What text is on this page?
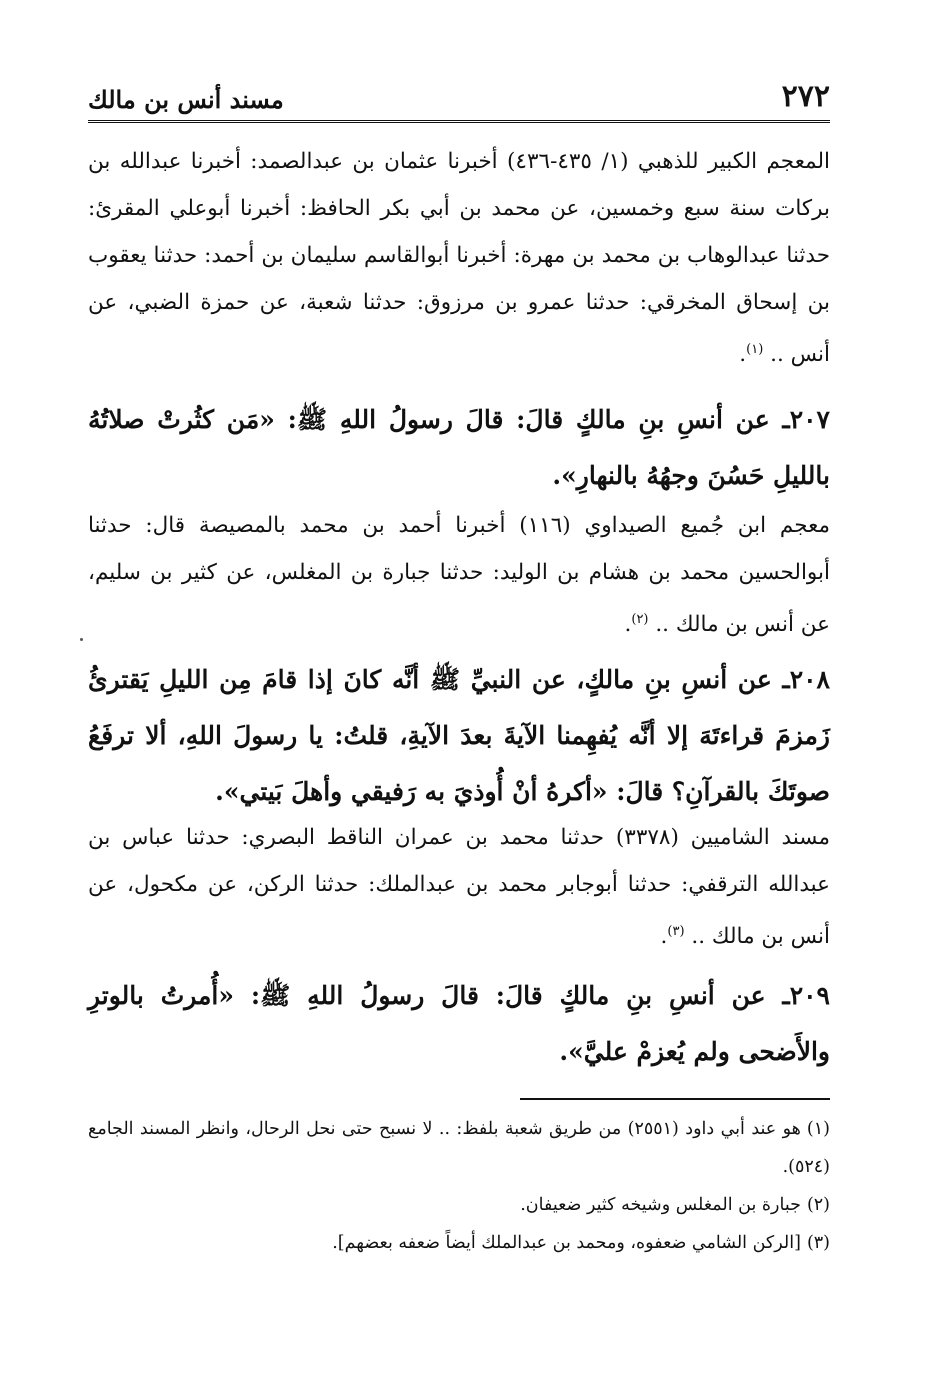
٢٧٢
مسند أنس بن مالك

المعجم الكبير للذهبي (١/ ٤٣٥-٤٣٦) أخبرنا عثمان بن عبدالصمد: أخبرنا عبدالله بن بركات سنة سبع وخمسين، عن محمد بن أبي بكر الحافظ: أخبرنا أبوعلي المقرئ: حدثنا عبدالوهاب بن محمد بن مهرة: أخبرنا أبوالقاسم سليمان بن أحمد: حدثنا يعقوب بن إسحاق المخرقي: حدثنا عمرو بن مرزوق: حدثنا شعبة، عن حمزة الضبي، عن أنس .. $^{(١)}$.

٢٠٧ـ عن أنسِ بنِ مالكٍ قالَ: قالَ رسولُ اللهِ ﷺ: «مَن كثُرتْ صلاتُهُ بالليلِ حَسُنَ وجهُهُ بالنهارِ».

معجم ابن جُميع الصيداوي (١١٦) أخبرنا أحمد بن محمد بالمصيصة قال: حدثنا أبوالحسين محمد بن هشام بن الوليد: حدثنا جبارة بن المغلس، عن كثير بن سليم، عن أنس بن مالك .. $^{(٢)}$.

٢٠٨ـ عن أنسِ بنِ مالكٍ، عن النبيِّ ﷺ أنَّه كانَ إذا قامَ مِن الليلِ يَقترئُ زَمزمَ قراءتَهَ إلا أنَّه يُفهِمنا الآيةَ بعدَ الآيةِ، قلتُ: يا رسولَ اللهِ، ألا ترفَعُ صوتَكَ بالقرآنِ؟ قالَ: «أكرهُ أنْ أُوذيَ به رَفيقي وأهلَ بَيتي».

مسند الشاميين (٣٣٧٨) حدثنا محمد بن عمران الناقط البصري: حدثنا عباس بن عبدالله الترقفي: حدثنا أبوجابر محمد بن عبدالملك: حدثنا الركن، عن مكحول، عن أنس بن مالك .. $^{(٣)}$.

٢٠٩ـ عن أنسِ بنِ مالكٍ قالَ: قالَ رسولُ اللهِ ﷺ: «أُمرتُ بالوترِ والأَضحى ولم يُعزمْ عليَّ».

(١)هو عند أبي داود (٢٥٥١) من طريق شعبة بلفظ: .. لا نسبح حتى نحل الرحال، وانظر المسند الجامع (٥٢٤).

(٢)جبارة بن المغلس وشيخه كثير ضعيفان.

(٣)[الركن الشامي ضعفوه، ومحمد بن عبدالملك أيضاً ضعفه بعضهم].
